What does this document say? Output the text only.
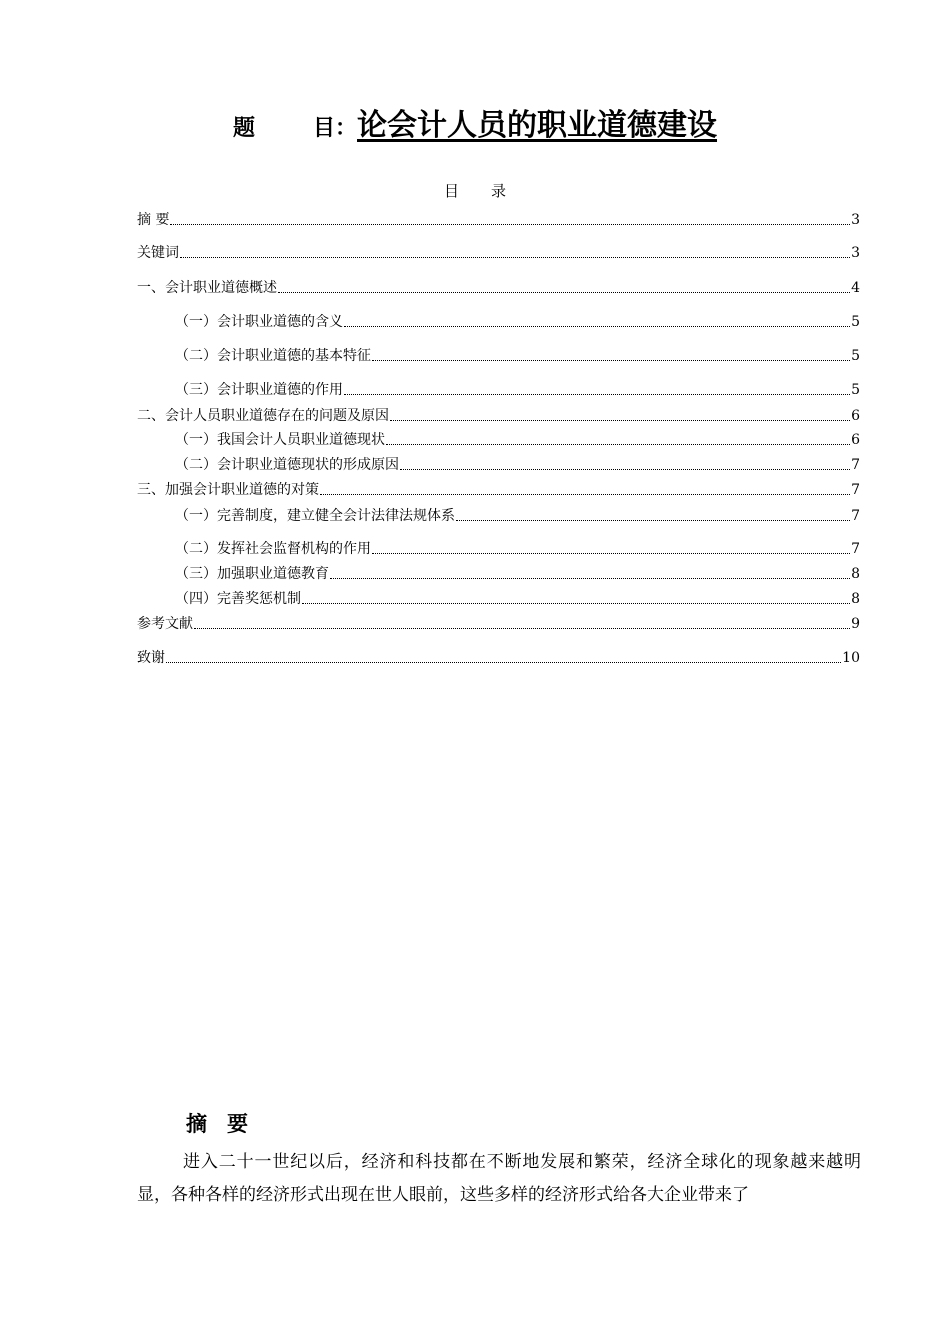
题	目：论会计人员的职业道德建设
目 录
摘 要	3
关键词	3
一、会计职业道德概述	4
（一）会计职业道德的含义	5
（二）会计职业道德的基本特征	5
（三）会计职业道德的作用	5
二、会计人员职业道德存在的问题及原因	6
（一）我国会计人员职业道德现状	6
（二）会计职业道德现状的形成原因	7
三、加强会计职业道德的对策	7
（一）完善制度，建立健全会计法律法规体系	7
（二）发挥社会监督机构的作用	7
（三）加强职业道德教育	8
（四）完善奖惩机制	8
参考文献	9
致谢	10
摘 要
进入二十一世纪以后，经济和科技都在不断地发展和繁荣，经济全球化的现象越来越明显，各种各样的经济形式出现在世人眼前，这些多样的经济形式给各大企业带来了
